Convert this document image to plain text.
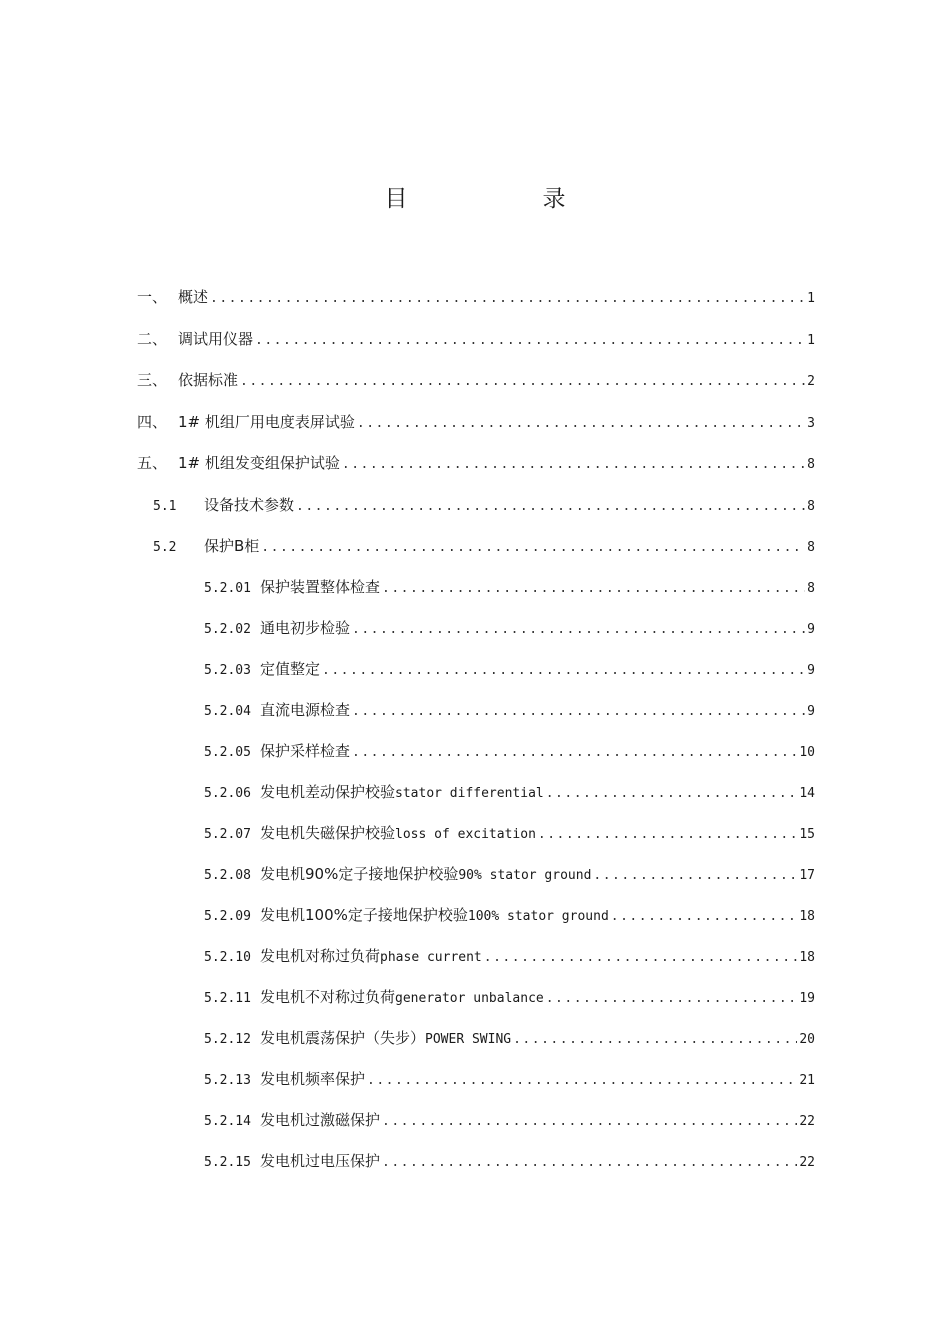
目　录
一、 概述 .....	1
二、 调试用仪器 .....	1
三、 依据标准 .....	2
四、 1# 机组厂用电度表屏试验 .....	3
五、 1# 机组发变组保护试验 .....	8
5.1	设备技术参数 .....	8
5.2	保护B柜 .....	8
5.2.01 保护装置整体检查 .....	8
5.2.02 通电初步检验 .....	9
5.2.03 定值整定 .....	9
5.2.04 直流电源检查 .....	9
5.2.05 保护采样检查 .....	10
5.2.06 发电机差动保护校验 stator differential .....	14
5.2.07 发电机失磁保护校验 loss of excitation .....	15
5.2.08 发电机90%定子接地保护校验 90% stator ground .....	17
5.2.09 发电机100%定子接地保护校验 100% stator ground .....	18
5.2.10 发电机对称过负荷 phase current .....	18
5.2.11 发电机不对称过负荷 generator unbalance .....	19
5.2.12 发电机震荡保护（失步） POWER SWING .....	20
5.2.13 发电机频率保护 .....	21
5.2.14 发电机过激磁保护 .....	22
5.2.15 发电机过电压保护 .....	22
